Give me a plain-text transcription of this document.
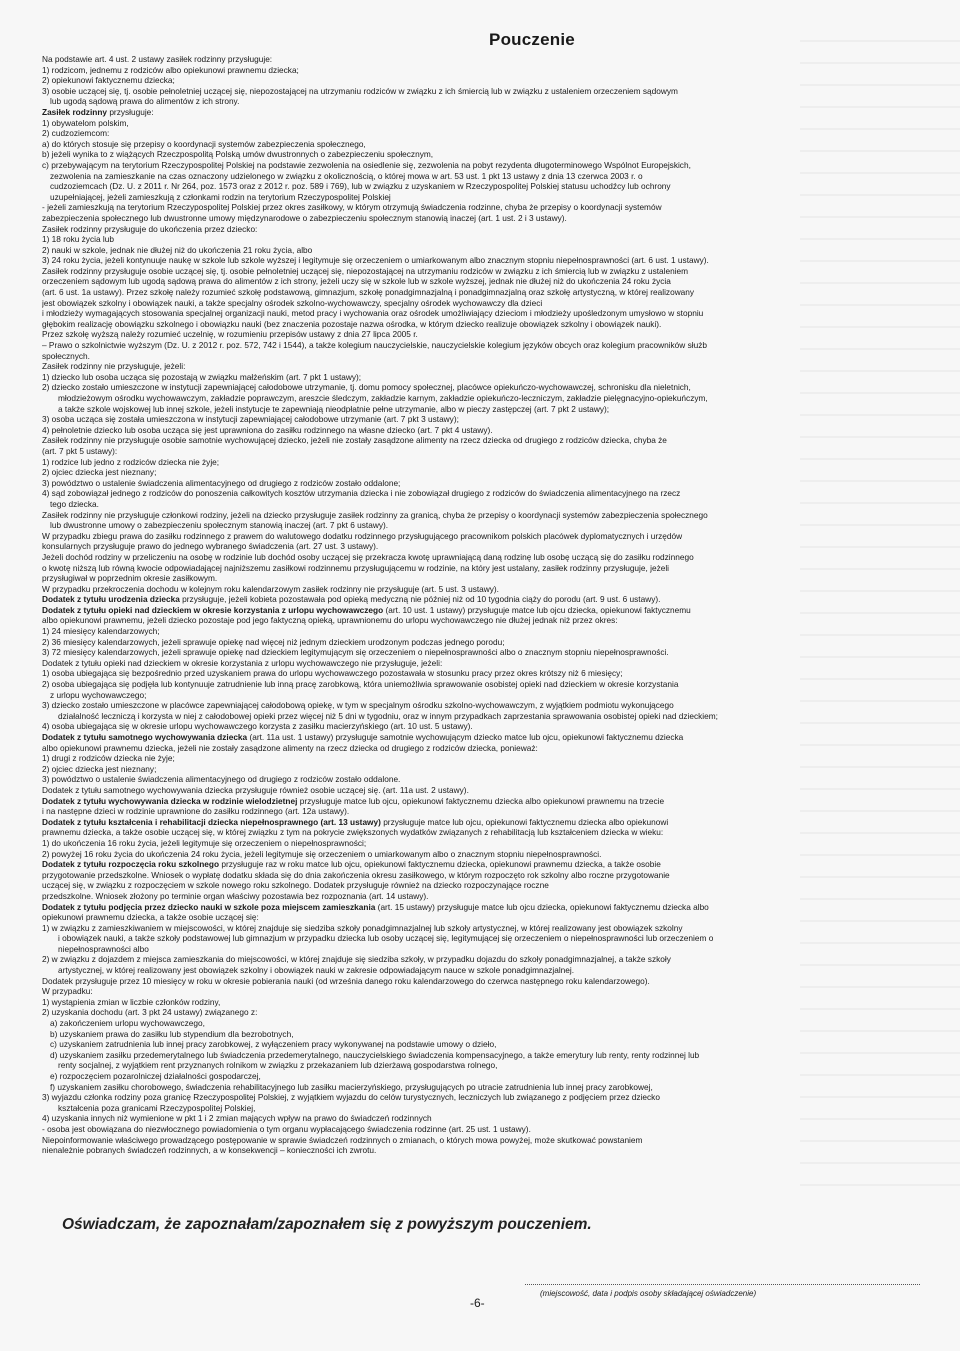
Pouczenie
Na podstawie art. 4 ust. 2 ustawy zasiłek rodzinny przysługuje:
1) rodzicom, jednemu z rodziców albo opiekunowi prawnemu dziecka;
2) opiekunowi faktycznemu dziecka;
3) osobie uczącej się, tj. osobie pełnoletniej uczącej się, niepozostającej na utrzymaniu rodziców w związku z ich śmiercią lub w związku z ustaleniem orzeczeniem sądowym
lub ugodą sądową prawa do alimentów z ich strony.
Zasiłek rodzinny przysługuje:
1) obywatelom polskim,
2) cudzoziemcom:
a) do których stosuje się przepisy o koordynacji systemów zabezpieczenia społecznego,
b) jeżeli wynika to z wiążących Rzeczpospolitą Polską umów dwustronnych o zabezpieczeniu społecznym,
c) przebywającym na terytorium Rzeczypospolitej Polskiej na podstawie zezwolenia na osiedlenie się, zezwolenia na pobyt rezydenta długoterminowego Wspólnot Europejskich,
zezwolenia na zamieszkanie na czas oznaczony udzielonego w związku z okolicznością, o której mowa w art. 53 ust. 1 pkt 13 ustawy z dnia 13 czerwca 2003 r. o
cudzoziemcach (Dz. U. z 2011 r. Nr 264, poz. 1573 oraz z 2012 r. poz. 589 i 769), lub w związku z uzyskaniem w Rzeczypospolitej Polskiej statusu uchodźcy lub ochrony
uzupełniającej, jeżeli zamieszkują z członkami rodzin na terytorium Rzeczypospolitej Polskiej
- jeżeli zamieszkują na terytorium Rzeczypospolitej Polskiej przez okres zasiłkowy, w którym otrzymują świadczenia rodzinne, chyba że przepisy o koordynacji systemów
zabezpieczenia społecznego lub dwustronne umowy międzynarodowe o zabezpieczeniu społecznym stanowią inaczej (art. 1 ust. 2 i 3 ustawy).
Zasiłek rodzinny przysługuje do ukończenia przez dziecko:
1) 18 roku życia lub
2) nauki w szkole, jednak nie dłużej niż do ukończenia 21 roku życia, albo
3) 24 roku życia, jeżeli kontynuuje naukę w szkole lub szkole wyższej i legitymuje się orzeczeniem o umiarkowanym albo znacznym stopniu niepełnosprawności (art. 6 ust. 1 ustawy).
Zasiłek rodzinny przysługuje osobie uczącej się, tj. osobie pełnoletniej uczącej się, niepozostającej na utrzymaniu rodziców w związku z ich śmiercią lub w związku z ustaleniem
orzeczeniem sądowym lub ugodą sądową prawa do alimentów z ich strony, jeżeli uczy się w szkole lub w szkole wyższej, jednak nie dłużej niż do ukończenia 24 roku życia
(art. 6 ust. 1a ustawy). Przez szkołę należy rozumieć szkołę podstawową, gimnazjum, szkołę ponadgimnazjalną i ponadgimnazjalną oraz szkołę artystyczną, w której realizowany
jest obowiązek szkolny i obowiązek nauki, a także specjalny ośrodek szkolno-wychowawczy, specjalny ośrodek wychowawczy dla dzieci
i młodzieży wymagających stosowania specjalnej organizacji nauki, metod pracy i wychowania oraz ośrodek umożliwiający dzieciom i młodzieży upośledzonym umysłowo w stopniu
głębokim realizację obowiązku szkolnego i obowiązku nauki (bez znaczenia pozostaje nazwa ośrodka, w którym dziecko realizuje obowiązek szkolny i obowiązek nauki).
Przez szkołę wyższą należy rozumieć uczelnię, w rozumieniu przepisów ustawy z dnia 27 lipca 2005 r.
– Prawo o szkolnictwie wyższym (Dz. U. z 2012 r. poz. 572, 742 i 1544), a także kolegium nauczycielskie, nauczycielskie kolegium języków obcych oraz kolegium pracowników służb
społecznych.
Zasiłek rodzinny nie przysługuje, jeżeli:
1) dziecko lub osoba ucząca się pozostają w związku małżeńskim (art. 7 pkt 1 ustawy);
2) dziecko zostało umieszczone w instytucji zapewniającej całodobowe utrzymanie, tj. domu pomocy społecznej, placówce opiekuńczo-wychowawczej, schronisku dla nieletnich,
młodzieżowym ośrodku wychowawczym, zakładzie poprawczym, areszcie śledczym, zakładzie karnym, zakładzie opiekuńczo-leczniczym, zakładzie pielęgnacyjno-opiekuńczym,
a także szkole wojskowej lub innej szkole, jeżeli instytucje te zapewniają nieodpłatnie pełne utrzymanie, albo w pieczy zastępczej (art. 7 pkt 2 ustawy);
3) osoba ucząca się została umieszczona w instytucji zapewniającej całodobowe utrzymanie (art. 7 pkt 3 ustawy);
4) pełnoletnie dziecko lub osoba ucząca się jest uprawniona do zasiłku rodzinnego na własne dziecko (art. 7 pkt 4 ustawy).
Zasiłek rodzinny nie przysługuje osobie samotnie wychowującej dziecko, jeżeli nie zostały zasądzone alimenty na rzecz dziecka od drugiego z rodziców dziecka, chyba że
(art. 7 pkt 5 ustawy):
1) rodzice lub jedno z rodziców dziecka nie żyje;
2) ojciec dziecka jest nieznany;
3) powództwo o ustalenie świadczenia alimentacyjnego od drugiego z rodziców zostało oddalone;
4) sąd zobowiązał jednego z rodziców do ponoszenia całkowitych kosztów utrzymania dziecka i nie zobowiązał drugiego z rodziców do świadczenia alimentacyjnego na rzecz
tego dziecka.
Zasiłek rodzinny nie przysługuje członkowi rodziny, jeżeli na dziecko przysługuje zasiłek rodzinny za granicą, chyba że przepisy o koordynacji systemów zabezpieczenia społecznego
lub dwustronne umowy o zabezpieczeniu społecznym stanowią inaczej (art. 7 pkt 6 ustawy).
W przypadku zbiegu prawa do zasiłku rodzinnego z prawem do walutowego dodatku rodzinnego przysługującego pracownikom polskich placówek dyplomatycznych i urzędów
konsularnych przysługuje prawo do jednego wybranego świadczenia (art. 27 ust. 3 ustawy).
Jeżeli dochód rodziny w przeliczeniu na osobę w rodzinie lub dochód osoby uczącej się przekracza kwotę uprawniającą daną rodzinę lub osobę uczącą się do zasiłku rodzinnego
o kwotę niższą lub równą kwocie odpowiadającej najniższemu zasiłkowi rodzinnemu przysługującemu w rodzinie, na który jest ustalany, zasiłek rodzinny przysługuje, jeżeli
przysługiwał w poprzednim okresie zasiłkowym.
W przypadku przekroczenia dochodu w kolejnym roku kalendarzowym zasiłek rodzinny nie przysługuje (art. 5 ust. 3 ustawy).
Dodatek z tytułu urodzenia dziecka przysługuje, jeżeli kobieta pozostawała pod opieką medyczną nie później niż od 10 tygodnia ciąży do porodu (art. 9 ust. 6 ustawy).
Dodatek z tytułu opieki nad dzieckiem w okresie korzystania z urlopu wychowawczego (art. 10 ust. 1 ustawy) przysługuje matce lub ojcu dziecka, opiekunowi faktycznemu
albo opiekunowi prawnemu, jeżeli dziecko pozostaje pod jego faktyczną opieką, uprawnionemu do urlopu wychowawczego nie dłużej jednak niż przez okres:
1) 24 miesięcy kalendarzowych;
2) 36 miesięcy kalendarzowych, jeżeli sprawuje opiekę nad więcej niż jednym dzieckiem urodzonym podczas jednego porodu;
3) 72 miesięcy kalendarzowych, jeżeli sprawuje opiekę nad dzieckiem legitymującym się orzeczeniem o niepełnosprawności albo o znacznym stopniu niepełnosprawności.
Dodatek z tytułu opieki nad dzieckiem w okresie korzystania z urlopu wychowawczego nie przysługuje, jeżeli:
1) osoba ubiegająca się bezpośrednio przed uzyskaniem prawa do urlopu wychowawczego pozostawała w stosunku pracy przez okres krótszy niż 6 miesięcy;
2) osoba ubiegająca się podjęła lub kontynuuje zatrudnienie lub inną pracę zarobkową, która uniemożliwia sprawowanie osobistej opieki nad dzieckiem w okresie korzystania
z urlopu wychowawczego;
3) dziecko zostało umieszczone w placówce zapewniającej całodobową opiekę, w tym w specjalnym ośrodku szkolno-wychowawczym, z wyjątkiem podmiotu wykonującego
działalność leczniczą i korzysta w niej z całodobowej opieki przez więcej niż 5 dni w tygodniu, oraz w innym przypadkach zaprzestania sprawowania osobistej opieki nad dzieckiem;
4) osoba ubiegająca się w okresie urlopu wychowawczego korzysta z zasiłku macierzyńskiego (art. 10 ust. 5 ustawy).
Dodatek z tytułu samotnego wychowywania dziecka (art. 11a ust. 1 ustawy) przysługuje samotnie wychowującym dziecko matce lub ojcu, opiekunowi faktycznemu dziecka
albo opiekunowi prawnemu dziecka, jeżeli nie zostały zasądzone alimenty na rzecz dziecka od drugiego z rodziców dziecka, ponieważ:
1) drugi z rodziców dziecka nie żyje;
2) ojciec dziecka jest nieznany;
3) powództwo o ustalenie świadczenia alimentacyjnego od drugiego z rodziców zostało oddalone.
Dodatek z tytułu samotnego wychowywania dziecka przysługuje również osobie uczącej się. (art. 11a ust. 2 ustawy).
Dodatek z tytułu wychowywania dziecka w rodzinie wielodzietnej przysługuje matce lub ojcu, opiekunowi faktycznemu dziecka albo opiekunowi prawnemu na trzecie
i na następne dzieci w rodzinie uprawnione do zasiłku rodzinnego (art. 12a ustawy).
Dodatek z tytułu kształcenia i rehabilitacji dziecka niepełnosprawnego (art. 13 ustawy) przysługuje matce lub ojcu, opiekunowi faktycznemu dziecka albo opiekunowi
prawnemu dziecka, a także osobie uczącej się, w której związku z tym na pokrycie zwiększonych wydatków związanych z rehabilitacją lub kształceniem dziecka w wieku:
1) do ukończenia 16 roku życia, jeżeli legitymuje się orzeczeniem o niepełnosprawności;
2) powyżej 16 roku życia do ukończenia 24 roku życia, jeżeli legitymuje się orzeczeniem o umiarkowanym albo o znacznym stopniu niepełnosprawności.
Dodatek z tytułu rozpoczęcia roku szkolnego przysługuje raz w roku matce lub ojcu, opiekunowi faktycznemu dziecka, opiekunowi prawnemu dziecka, a także osobie
przygotowanie przedszkolne. Wniosek o wypłatę dodatku składa się do dnia zakończenia okresu zasiłkowego, w którym rozpoczęto rok szkolny albo roczne przygotowanie
uczącej się, w związku z rozpoczęciem w szkole nowego roku szkolnego. Dodatek przysługuje również na dziecko rozpoczynające roczne
przedszkolne. Wniosek złożony po terminie organ właściwy pozostawia bez rozpoznania (art. 14 ustawy).
Dodatek z tytułu podjęcia przez dziecko nauki w szkole poza miejscem zamieszkania (art. 15 ustawy) przysługuje matce lub ojcu dziecka, opiekunowi faktycznemu dziecka albo
opiekunowi prawnemu dziecka, a także osobie uczącej się:
1) w związku z zamieszkiwaniem w miejscowości, w której znajduje się siedziba szkoły ponadgimnazjalnej lub szkoły artystycznej, w której realizowany jest obowiązek szkolny
i obowiązek nauki, a także szkoły podstawowej lub gimnazjum w przypadku dziecka lub osoby uczącej się, legitymującej się orzeczeniem o niepełnosprawności lub orzeczeniem o
niepełnosprawności albo
2) w związku z dojazdem z miejsca zamieszkania do miejscowości, w której znajduje się siedziba szkoły, w przypadku dojazdu do szkoły ponadgimnazjalnej, a także szkoły
artystycznej, w której realizowany jest obowiązek szkolny i obowiązek nauki w zakresie odpowiadającym nauce w szkole ponadgimnazjalnej.
Dodatek przysługuje przez 10 miesięcy w roku w okresie pobierania nauki (od września danego roku kalendarzowego do czerwca następnego roku kalendarzowego).
W przypadku:
1) wystąpienia zmian w liczbie członków rodziny,
2) uzyskania dochodu (art. 3 pkt 24 ustawy) związanego z:
a) zakończeniem urlopu wychowawczego,
b) uzyskaniem prawa do zasiłku lub stypendium dla bezrobotnych,
c) uzyskaniem zatrudnienia lub innej pracy zarobkowej, z wyłączeniem pracy wykonywanej na podstawie umowy o dzieło,
d) uzyskaniem zasiłku przedemerytalnego lub świadczenia przedemerytalnego, nauczycielskiego świadczenia kompensacyjnego, a także emerytury lub renty, renty rodzinnej lub
renty socjalnej, z wyjątkiem rent przyznanych rolnikom w związku z przekazaniem lub dzierżawą gospodarstwa rolnego,
e) rozpoczęciem pozarolniczej działalności gospodarczej,
f) uzyskaniem zasiłku chorobowego, świadczenia rehabilitacyjnego lub zasiłku macierzyńskiego, przysługujących po utracie zatrudnienia lub innej pracy zarobkowej,
3) wyjazdu członka rodziny poza granicę Rzeczypospolitej Polskiej, z wyjątkiem wyjazdu do celów turystycznych, leczniczych lub związanego z podjęciem przez dziecko
kształcenia poza granicami Rzeczypospolitej Polskiej,
4) uzyskania innych niż wymienione w pkt 1 i 2 zmian mających wpływ na prawo do świadczeń rodzinnych
- osoba jest obowiązana do niezwłocznego powiadomienia o tym organu wypłacającego świadczenia rodzinne (art. 25 ust. 1 ustawy).
Niepoinformowanie właściwego prowadzącego postępowanie w sprawie świadczeń rodzinnych o zmianach, o których mowa powyżej, może skutkować powstaniem
nienależnie pobranych świadczeń rodzinnych, a w konsekwencji – konieczności ich zwrotu.
Oświadczam, że zapoznałam/zapoznałem się z powyższym pouczeniem.
(miejscowość, data i podpis osoby składającej oświadczenie)
-6-
